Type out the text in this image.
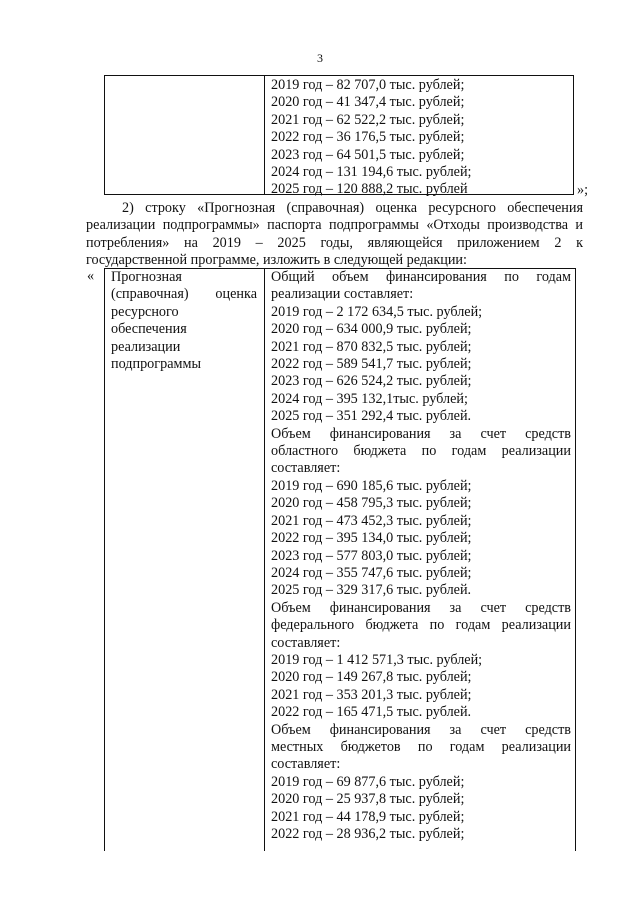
3
2019 год – 82 707,0 тыс. рублей;
2020 год – 41 347,4 тыс. рублей;
2021 год – 62 522,2 тыс. рублей;
2022 год – 36 176,5 тыс. рублей;
2023 год – 64 501,5 тыс. рублей;
2024 год – 131 194,6 тыс. рублей;
2025 год – 120 888,2 тыс. рублей	»;
2) строку «Прогнозная (справочная) оценка ресурсного обеспечения
реализации подпрограммы» паспорта подпрограммы «Отходы производства и
потребления» на 2019 – 2025 годы, являющейся приложением 2 к
государственной программе, изложить в следующей редакции:
« Прогнозная
(справочная) оценка
ресурсного
обеспечения
реализации
подпрограммы
Общий объем финансирования по годам
реализации составляет:
2019 год – 2 172 634,5 тыс. рублей;
2020 год – 634 000,9 тыс. рублей;
2021 год – 870 832,5 тыс. рублей;
2022 год – 589 541,7 тыс. рублей;
2023 год – 626 524,2 тыс. рублей;
2024 год – 395 132,1тыс. рублей;
2025 год – 351 292,4 тыс. рублей.
Объем финансирования за счет средств
областного бюджета по годам реализации
составляет:
2019 год – 690 185,6 тыс. рублей;
2020 год – 458 795,3 тыс. рублей;
2021 год – 473 452,3 тыс. рублей;
2022 год – 395 134,0 тыс. рублей;
2023 год – 577 803,0 тыс. рублей;
2024 год – 355 747,6 тыс. рублей;
2025 год – 329 317,6 тыс. рублей.
Объем финансирования за счет средств
федерального бюджета по годам реализации
составляет:
2019 год – 1 412 571,3 тыс. рублей;
2020 год – 149 267,8 тыс. рублей;
2021 год – 353 201,3 тыс. рублей;
2022 год – 165 471,5 тыс. рублей.
Объем финансирования за счет средств
местных бюджетов по годам реализации
составляет:
2019 год – 69 877,6 тыс. рублей;
2020 год – 25 937,8 тыс. рублей;
2021 год – 44 178,9 тыс. рублей;
2022 год – 28 936,2 тыс. рублей;
